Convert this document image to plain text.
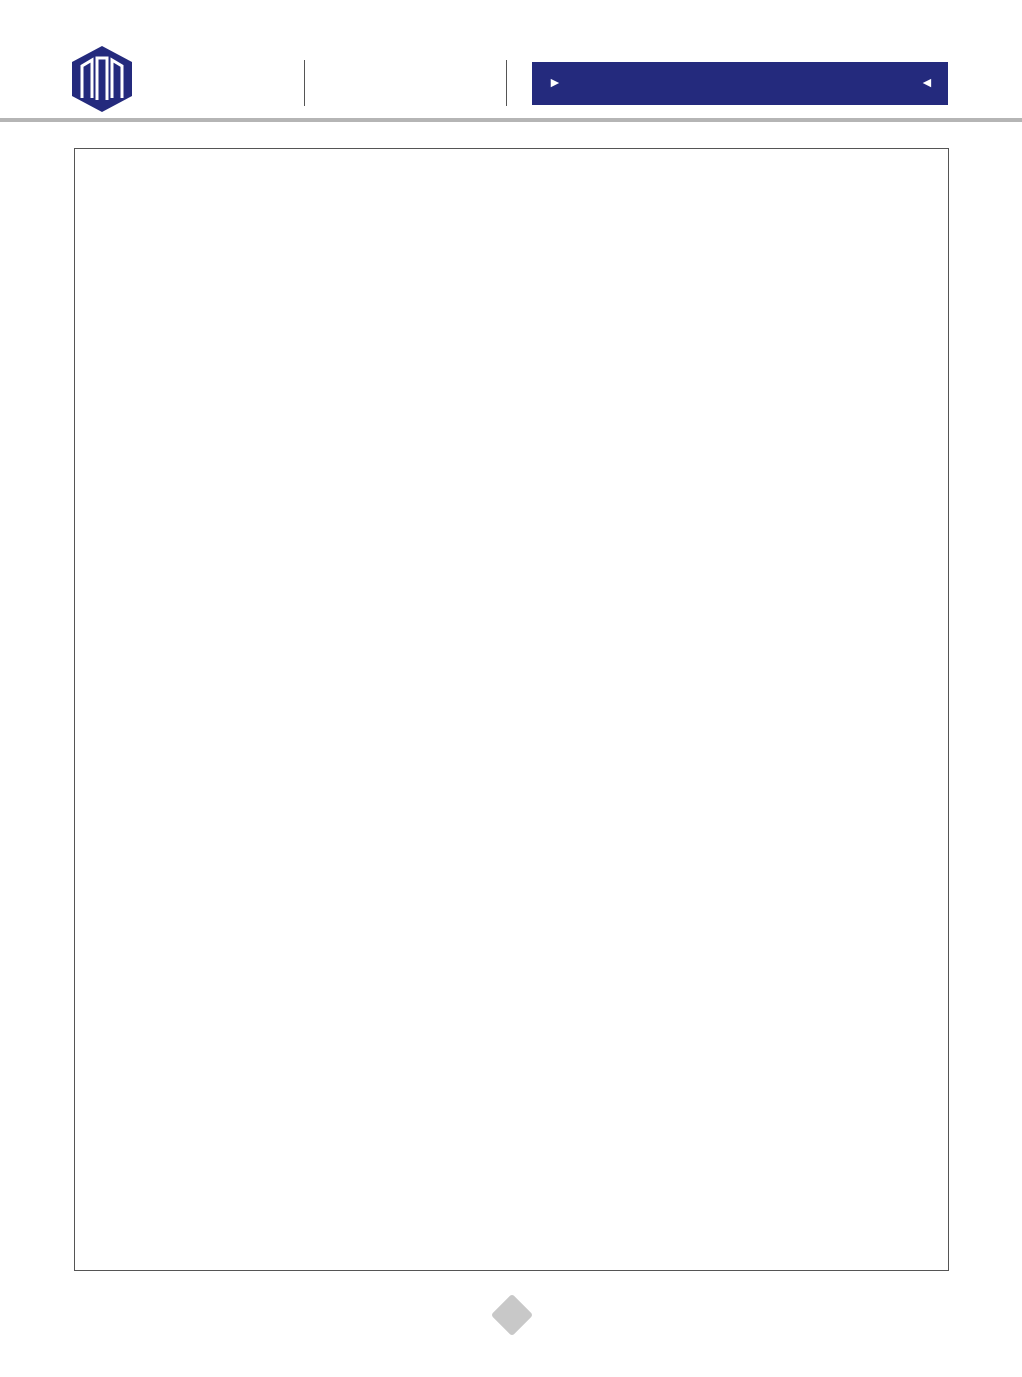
►	◄
